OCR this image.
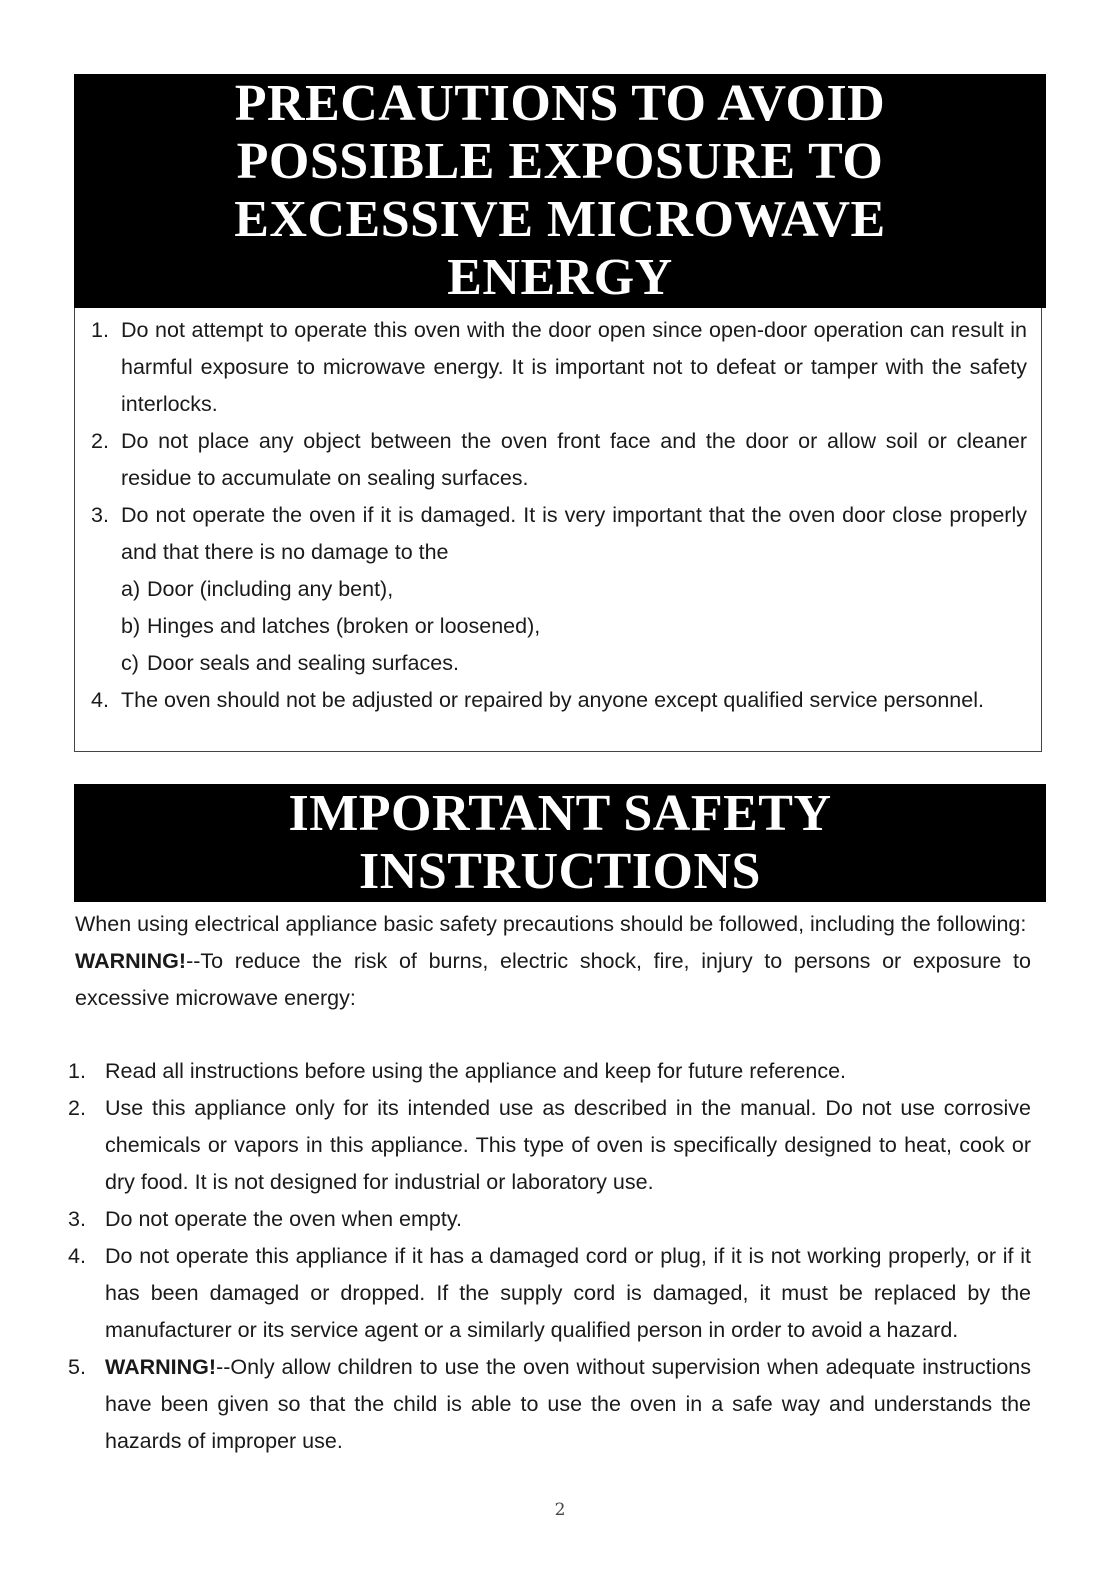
PRECAUTIONS TO AVOID
POSSIBLE EXPOSURE TO
EXCESSIVE MICROWAVE
ENERGY
1. Do not attempt to operate this oven with the door open since open-door operation can result in harmful exposure to microwave energy. It is important not to defeat or tamper with the safety interlocks.
2. Do not place any object between the oven front face and the door or allow soil or cleaner residue to accumulate on sealing surfaces.
3. Do not operate the oven if it is damaged. It is very important that the oven door close properly and that there is no damage to the
a) Door (including any bent),
b) Hinges and latches (broken or loosened),
c) Door seals and sealing surfaces.
4. The oven should not be adjusted or repaired by anyone except qualified service personnel.
IMPORTANT SAFETY
INSTRUCTIONS

When using electrical appliance basic safety precautions should be followed, including the following:

WARNING!--To reduce the risk of burns, electric shock, fire, injury to persons or exposure to excessive microwave energy:

1. Read all instructions before using the appliance and keep for future reference.
2. Use this appliance only for its intended use as described in the manual. Do not use corrosive chemicals or vapors in this appliance. This type of oven is specifically designed to heat, cook or dry food. It is not designed for industrial or laboratory use.
3. Do not operate the oven when empty.
4. Do not operate this appliance if it has a damaged cord or plug, if it is not working properly, or if it has been damaged or dropped. If the supply cord is damaged, it must be replaced by the manufacturer or its service agent or a similarly qualified person in order to avoid a hazard.
5. WARNING!--Only allow children to use the oven without supervision when adequate instructions have been given so that the child is able to use the oven in a safe way and understands the hazards of improper use.
2
